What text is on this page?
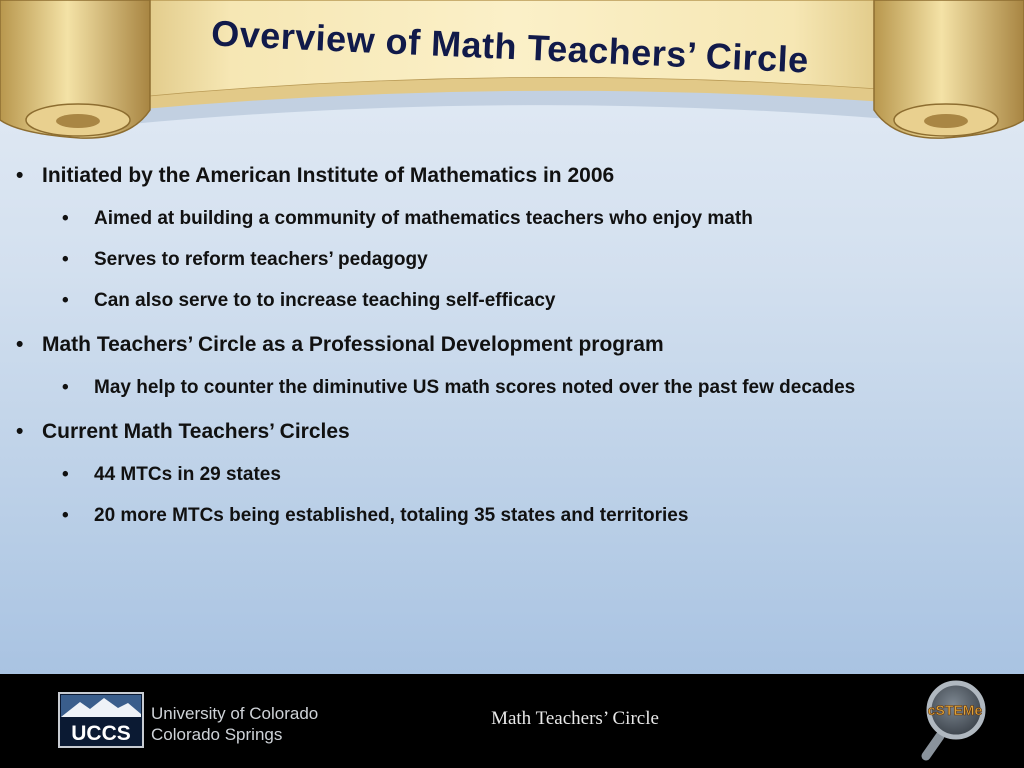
Overview of Math Teachers’ Circle
• Initiated by the American Institute of Mathematics in 2006
• Aimed at building a community of mathematics teachers who enjoy math
• Serves to reform teachers’ pedagogy
• Can also serve to to increase teaching self-efficacy
• Math Teachers’ Circle as a Professional Development program
• May help to counter the diminutive US math scores noted over the past few decades
• Current Math Teachers’ Circles
• 44 MTCs in 29 states
• 20 more MTCs being established, totaling 35 states and territories
UCCS
University of Colorado
Colorado Springs
Math Teachers’ Circle	cSTEMe
